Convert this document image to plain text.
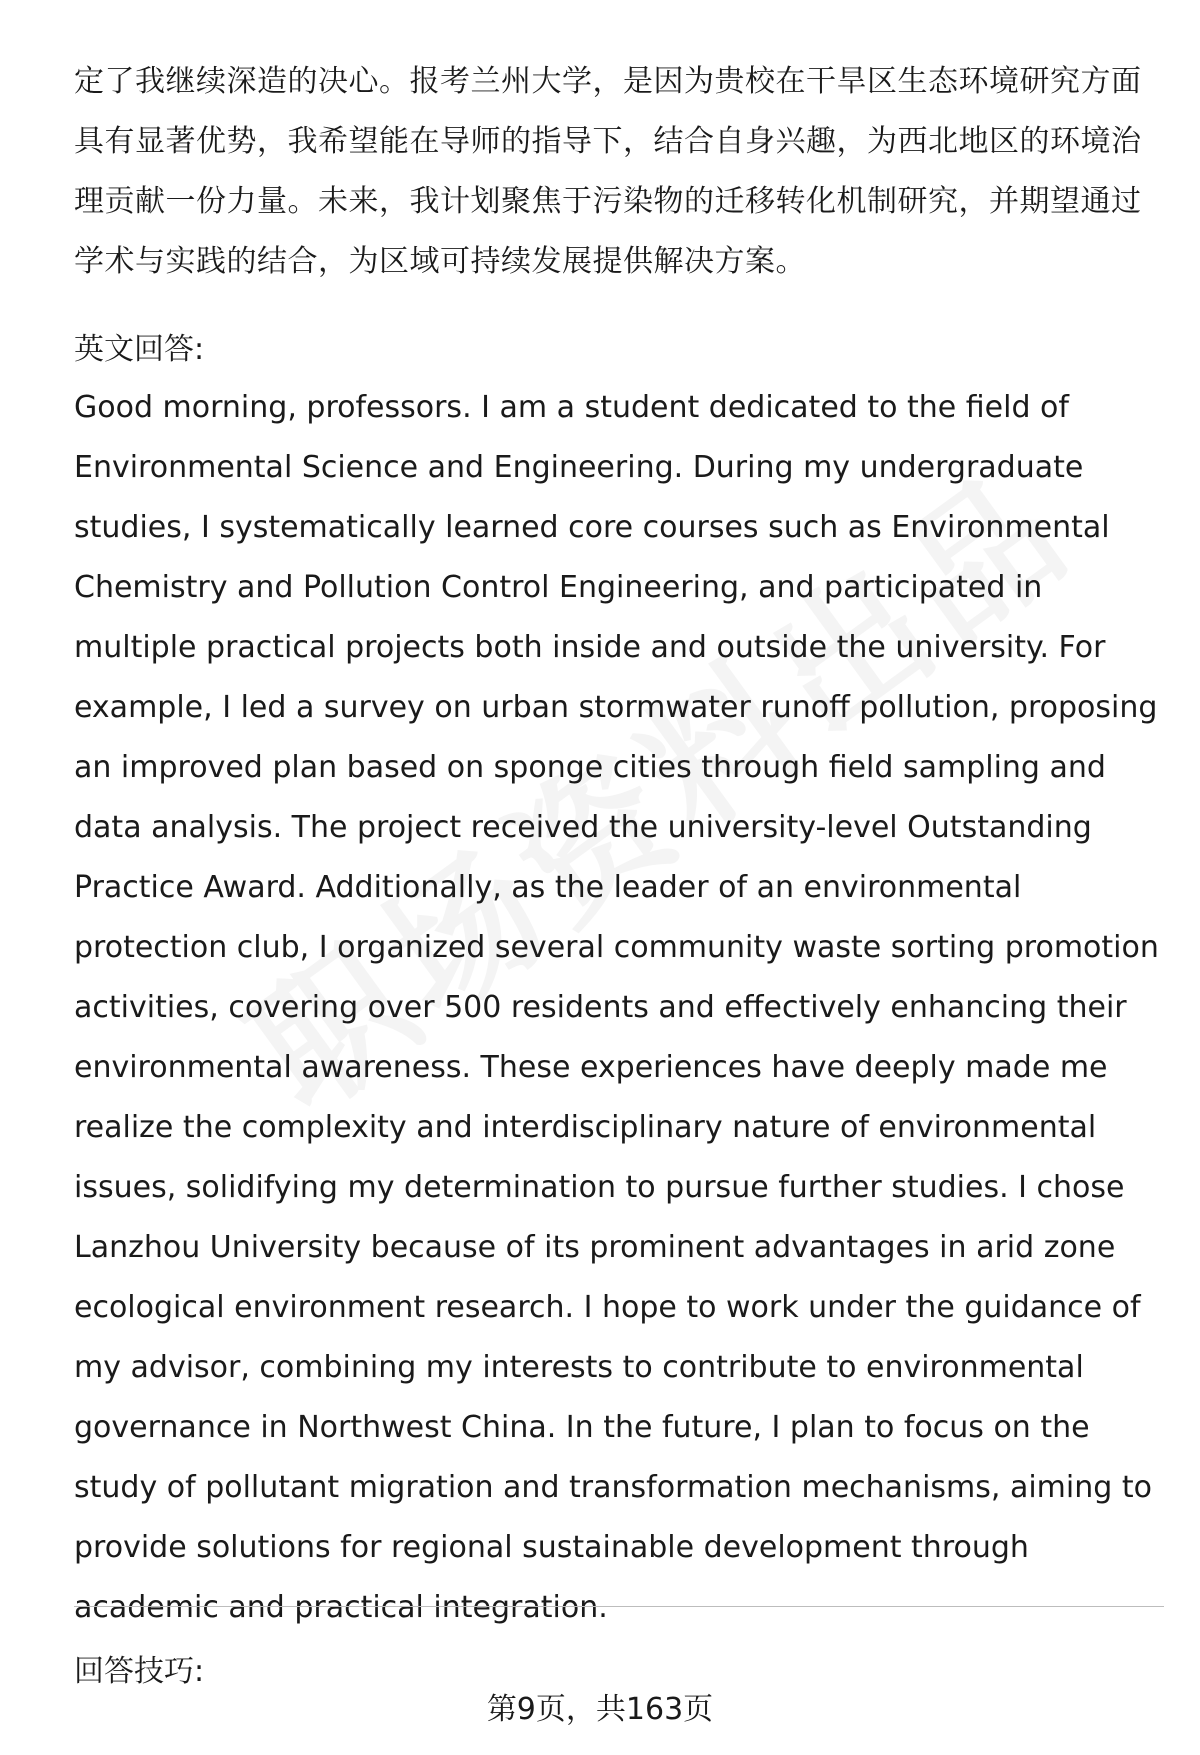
定了我继续深造的决心。报考兰州大学，是因为贵校在干旱区生态环境研究方面具有显著优势，我希望能在导师的指导下，结合自身兴趣，为西北地区的环境治理贡献一份力量。未来，我计划聚焦于污染物的迁移转化机制研究，并期望通过学术与实践的结合，为区域可持续发展提供解决方案。

英文回答:

Good morning, professors. I am a student dedicated to the field of Environmental Science and Engineering. During my undergraduate studies, I systematically learned core courses such as Environmental Chemistry and Pollution Control Engineering, and participated in multiple practical projects both inside and outside the university. For example, I led a survey on urban stormwater runoff pollution, proposing an improved plan based on sponge cities through field sampling and data analysis. The project received the university-level Outstanding Practice Award. Additionally, as the leader of an environmental protection club, I organized several community waste sorting promotion activities, covering over 500 residents and effectively enhancing their environmental awareness. These experiences have deeply made me realize the complexity and interdisciplinary nature of environmental issues, solidifying my determination to pursue further studies. I chose Lanzhou University because of its prominent advantages in arid zone ecological environment research. I hope to work under the guidance of my advisor, combining my interests to contribute to environmental governance in Northwest China. In the future, I plan to focus on the study of pollutant migration and transformation mechanisms, aiming to provide solutions for regional sustainable development through academic and practical integration.

回答技巧:
第9页，共163页
